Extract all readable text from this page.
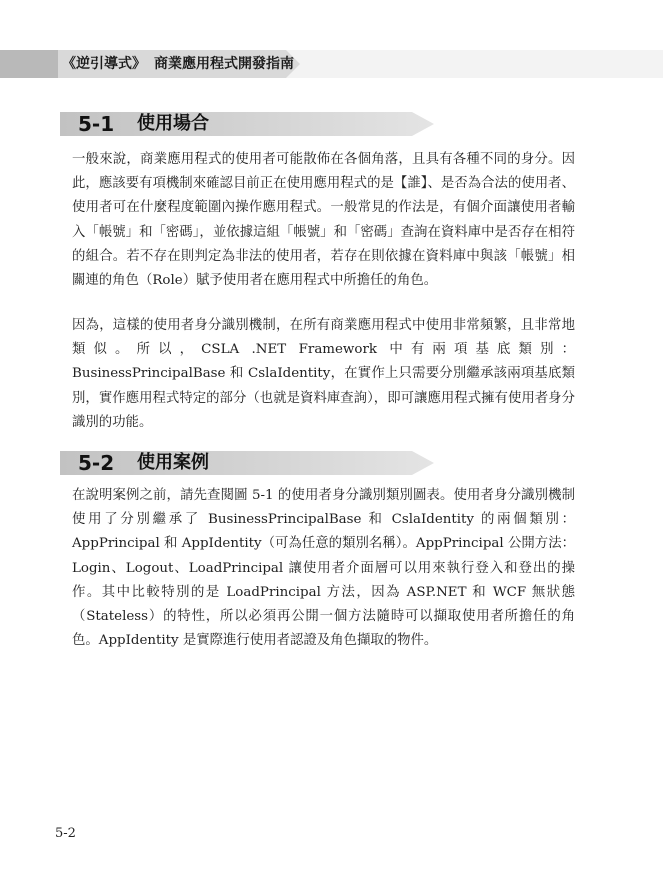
《逆引導式》 商業應用程式開發指南
5-1 使用場合

一般來說，商業應用程式的使用者可能散佈在各個角落，且具有各種不同的身分。因此，應該要有項機制來確認目前正在使用應用程式的是【誰】、是否為合法的使用者、使用者可在什麼程度範圍內操作應用程式。一般常見的作法是，有個介面讓使用者輸入「帳號」和「密碼」，並依據這組「帳號」和「密碼」查詢在資料庫中是否存在相符的組合。若不存在則判定為非法的使用者，若存在則依據在資料庫中與該「帳號」相關連的角色（Role）賦予使用者在應用程式中所擔任的角色。

因為，這樣的使用者身分識別機制，在所有商業應用程式中使用非常頻繁，且非常地類似。所以，CSLA .NET Framework 中有兩項基底類別：BusinessPrincipalBase 和 CslaIdentity，在實作上只需要分別繼承該兩項基底類別，實作應用程式特定的部分（也就是資料庫查詢），即可讓應用程式擁有使用者身分識別的功能。

5-2 使用案例

在說明案例之前，請先查閱圖 5-1 的使用者身分識別類別圖表。使用者身分識別機制使用了分別繼承了 BusinessPrincipalBase 和 CslaIdentity 的兩個類別：AppPrincipal 和 AppIdentity（可為任意的類別名稱）。AppPrincipal 公開方法：Login、Logout、LoadPrincipal 讓使用者介面層可以用來執行登入和登出的操作。其中比較特別的是 LoadPrincipal 方法，因為 ASP.NET 和 WCF 無狀態（Stateless）的特性，所以必須再公開一個方法隨時可以擷取使用者所擔任的角色。AppIdentity 是實際進行使用者認證及角色擷取的物件。

5-2
